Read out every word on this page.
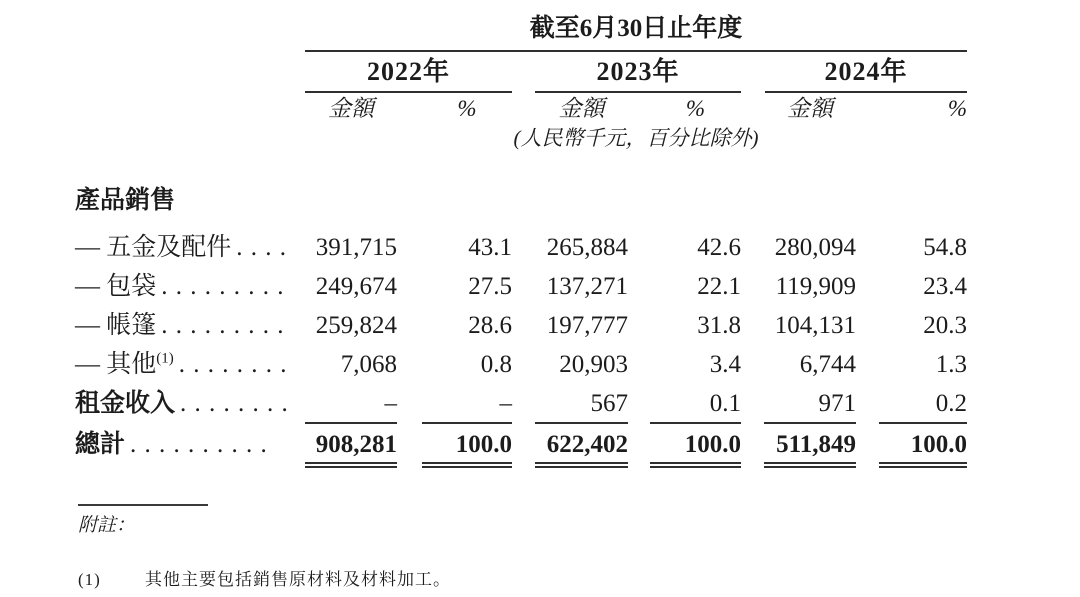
截至6月30日止年度
2022年	2023年	2024年
金額	%	金額	%	金額	%
(人民幣千元，百分比除外)
產品銷售
— 五金及配件 . . . .	391,715	43.1	265,884	42.6	280,094	54.8
— 包袋 . . . . . . . . .	249,674	27.5	137,271	22.1	119,909	23.4
— 帳篷 . . . . . . . . .	259,824	28.6	197,777	31.8	104,131	20.3
— 其他$^{(1)}$ . . . . . . . .	7,068	0.8	20,903	3.4	6,744	1.3
租金收入 . . . . . . . .	–	–	567	0.1	971	0.2
總計 . . . . . . . . . .	908,281	100.0	622,402	100.0	511,849	100.0
附註：
(1)	其他主要包括銷售原材料及材料加工。
